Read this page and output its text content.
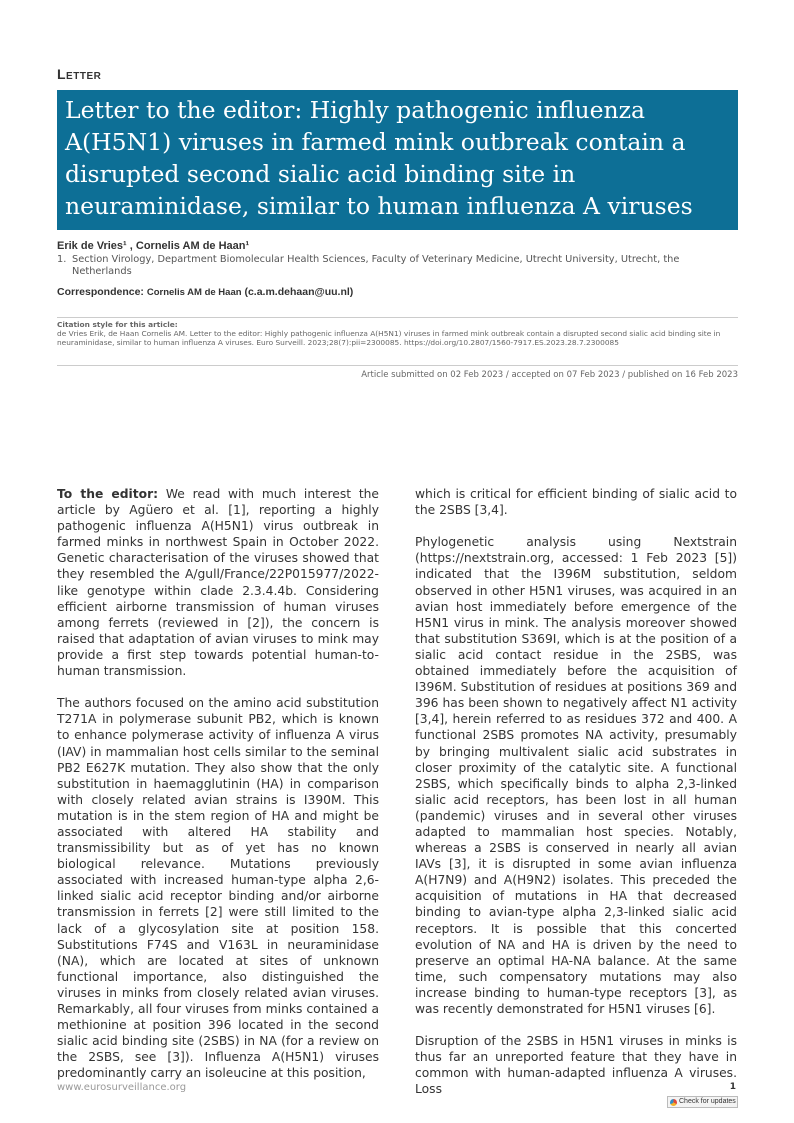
Letter
Letter to the editor: Highly pathogenic influenza A(H5N1) viruses in farmed mink outbreak contain a disrupted second sialic acid binding site in neuraminidase, similar to human influenza A viruses
Erik de Vries¹ , Cornelis AM de Haan¹
1. Section Virology, Department Biomolecular Health Sciences, Faculty of Veterinary Medicine, Utrecht University, Utrecht, the Netherlands
Correspondence: Cornelis AM de Haan (c.a.m.dehaan@uu.nl)
Citation style for this article:
de Vries Erik, de Haan Cornelis AM. Letter to the editor: Highly pathogenic influenza A(H5N1) viruses in farmed mink outbreak contain a disrupted second sialic acid binding site in neuraminidase, similar to human influenza A viruses. Euro Surveill. 2023;28(7):pii=2300085. https://doi.org/10.2807/1560-7917.ES.2023.28.7.2300085
Article submitted on 02 Feb 2023 / accepted on 07 Feb 2023 / published on 16 Feb 2023

To the editor: We read with much interest the article by Agüero et al. [1], reporting a highly pathogenic influenza A(H5N1) virus outbreak in farmed minks in northwest Spain in October 2022. Genetic characterisation of the viruses showed that they resembled the A/gull/France/22P015977/2022-like genotype within clade 2.3.4.4b. Considering efficient airborne transmission of human viruses among ferrets (reviewed in [2]), the concern is raised that adaptation of avian viruses to mink may provide a first step towards potential human-to-human transmission.

The authors focused on the amino acid substitution T271A in polymerase subunit PB2, which is known to enhance polymerase activity of influenza A virus (IAV) in mammalian host cells similar to the seminal PB2 E627K mutation. They also show that the only substitution in haemagglutinin (HA) in comparison with closely related avian strains is I390M. This mutation is in the stem region of HA and might be associated with altered HA stability and transmissibility but as of yet has no known biological relevance. Mutations previously associated with increased human-type alpha 2,6-linked sialic acid receptor binding and/or airborne transmission in ferrets [2] were still limited to the lack of a glycosylation site at position 158. Substitutions F74S and V163L in neuraminidase (NA), which are located at sites of unknown functional importance, also distinguished the viruses in minks from closely related avian viruses. Remarkably, all four viruses from minks contained a methionine at position 396 located in the second sialic acid binding site (2SBS) in NA (for a review on the 2SBS, see [3]). Influenza A(H5N1) viruses predominantly carry an isoleucine at this position,

which is critical for efficient binding of sialic acid to the 2SBS [3,4].

Phylogenetic analysis using Nextstrain (https://nextstrain.org, accessed: 1 Feb 2023 [5]) indicated that the I396M substitution, seldom observed in other H5N1 viruses, was acquired in an avian host immediately before emergence of the H5N1 virus in mink. The analysis moreover showed that substitution S369I, which is at the position of a sialic acid contact residue in the 2SBS, was obtained immediately before the acquisition of I396M. Substitution of residues at positions 369 and 396 has been shown to negatively affect N1 activity [3,4], herein referred to as residues 372 and 400. A functional 2SBS promotes NA activity, presumably by bringing multivalent sialic acid substrates in closer proximity of the catalytic site. A functional 2SBS, which specifically binds to alpha 2,3-linked sialic acid receptors, has been lost in all human (pandemic) viruses and in several other viruses adapted to mammalian host species. Notably, whereas a 2SBS is conserved in nearly all avian IAVs [3], it is disrupted in some avian influenza A(H7N9) and A(H9N2) isolates. This preceded the acquisition of mutations in HA that decreased binding to avian-type alpha 2,3-linked sialic acid receptors. It is possible that this concerted evolution of NA and HA is driven by the need to preserve an optimal HA-NA balance. At the same time, such compensatory mutations may also increase binding to human-type receptors [3], as was recently demonstrated for H5N1 viruses [6].

Disruption of the 2SBS in H5N1 viruses in minks is thus far an unreported feature that they have in common with human-adapted influenza A viruses. Loss

www.eurosurveillance.org	1
Check for updates
